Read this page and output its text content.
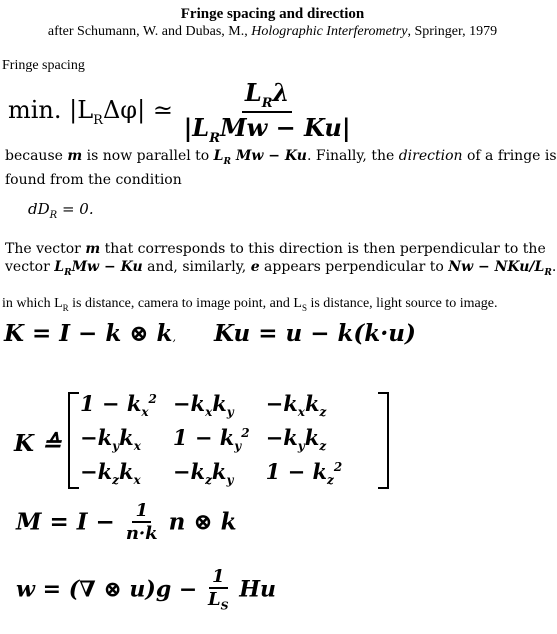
Fringe spacing and direction
after Schumann, W. and Dubas, M., Holographic Interferometry, Springer, 1979
Fringe spacing
min. $|L_R\Delta\varphi|$ ≃ $\frac{L_R\lambda}{|L_RMw - Ku|}$
because m is now parallel to $L_R$ Mw − Ku. Finally, the direction of a fringe is
found from the condition
$dD_R = 0$.
The vector m that corresponds to this direction is then perpendicular to the
vector $L_RMw - Ku$ and, similarly, e appears perpendicular to Nw − NKu/$L_R$.
in which $L_R$ is distance, camera to image point, and $L_S$ is distance, light source to image.
K = I − k ⊗ k, Ku = u − k(k·u)
K ≙
$1 - k_x^2$	$-k_xk_y$	$-k_xk_z$
$-k_yk_x$	$1 - k_y^2$	$-k_yk_z$
$-k_zk_x$	$-k_zk_y$	$1 - k_z^2$
$M = I - \frac{1}{n\cdot k}$ n ⊗ k
w = (∇ ⊗ $u)g - \frac{1}{L_S}$ Hu
